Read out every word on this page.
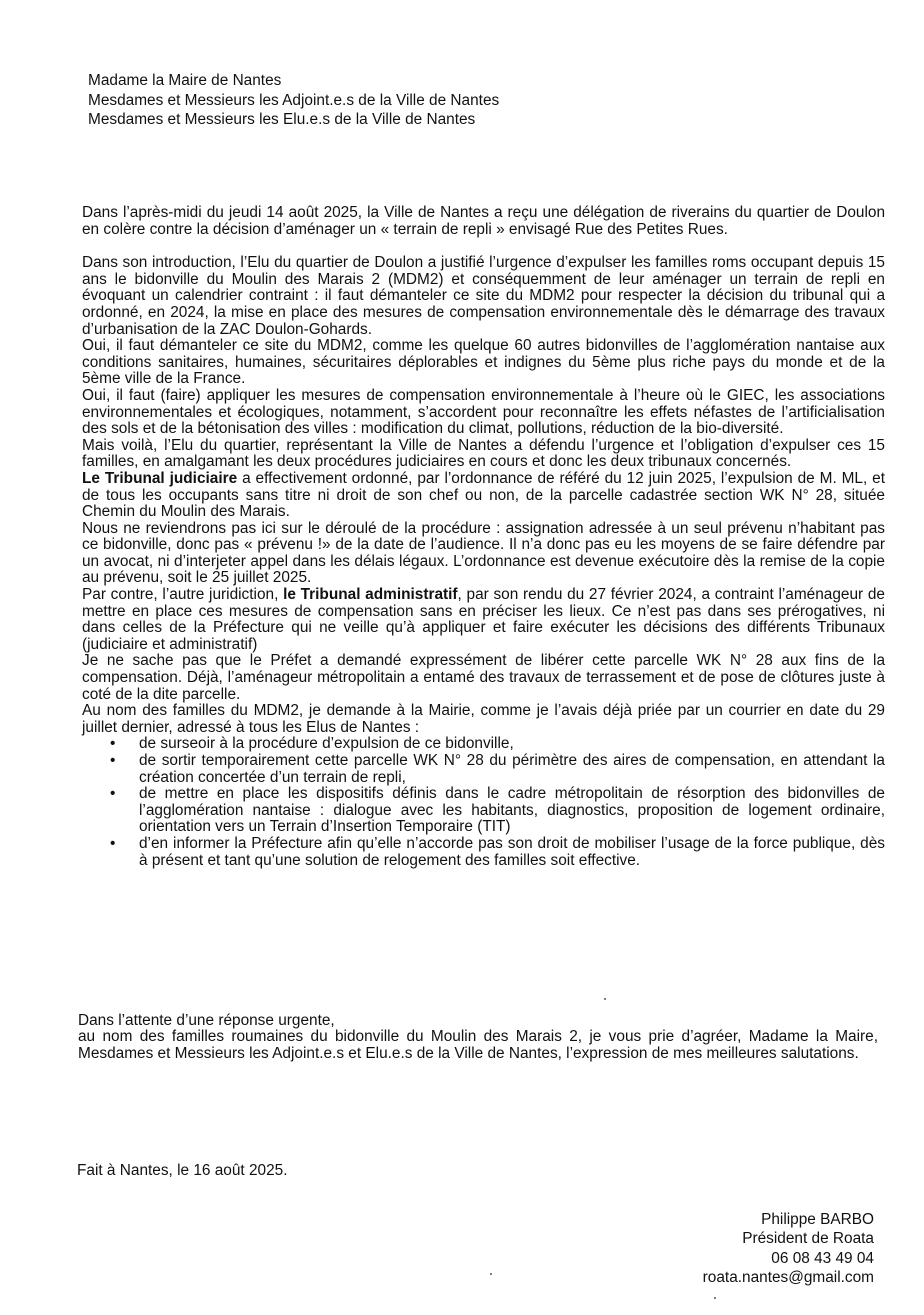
Madame la Maire de Nantes
Mesdames et Messieurs les Adjoint.e.s de la Ville de Nantes
Mesdames et Messieurs les Elu.e.s de la Ville de Nantes

Dans l’après-midi du jeudi 14 août 2025, la Ville de Nantes a reçu une délégation de riverains du quartier de Doulon en colère contre la décision d’aménager un « terrain de repli » envisagé Rue des Petites Rues.

Dans son introduction, l’Elu du quartier de Doulon a justifié l’urgence d’expulser les familles roms occupant depuis 15 ans le bidonville du Moulin des Marais 2 (MDM2) et conséquemment de leur aménager un terrain de repli en évoquant un calendrier contraint : il faut démanteler ce site du MDM2 pour respecter la décision du tribunal qui a ordonné, en 2024, la mise en place des mesures de compensation environnementale dès le démarrage des travaux d’urbanisation de la ZAC Doulon-Gohards.

Oui, il faut démanteler ce site du MDM2, comme les quelque 60 autres bidonvilles de l’agglomération nantaise aux conditions sanitaires, humaines, sécuritaires déplorables et indignes du 5ème plus riche pays du monde et de la 5ème ville de la France.

Oui, il faut (faire) appliquer les mesures de compensation environnementale à l’heure où le GIEC, les associations environnementales et écologiques, notamment, s’accordent pour reconnaître les effets néfastes de l’artificialisation des sols et de la bétonisation des villes : modification du climat, pollutions, réduction de la bio-diversité.

Mais voilà, l’Elu du quartier, représentant la Ville de Nantes a défendu l’urgence et l’obligation d’expulser ces 15 familles, en amalgamant les deux procédures judiciaires en cours et donc les deux tribunaux concernés.

Le Tribunal judiciaire a effectivement ordonné, par l’ordonnance de référé du 12 juin 2025, l’expulsion de M. ML, et de tous les occupants sans titre ni droit de son chef ou non, de la parcelle cadastrée section WK N° 28, située Chemin du Moulin des Marais.

Nous ne reviendrons pas ici sur le déroulé de la procédure : assignation adressée à un seul prévenu n’habitant pas ce bidonville, donc pas « prévenu !» de la date de l’audience. Il n’a donc pas eu les moyens de se faire défendre par un avocat, ni d’interjeter appel dans les délais légaux. L’ordonnance est devenue exécutoire dès la remise de la copie au prévenu, soit le 25 juillet 2025.

Par contre, l’autre juridiction, le Tribunal administratif, par son rendu du 27 février 2024, a contraint l’aménageur de mettre en place ces mesures de compensation sans en préciser les lieux. Ce n’est pas dans ses prérogatives, ni dans celles de la Préfecture qui ne veille qu’à appliquer et faire exécuter les décisions des différents Tribunaux (judiciaire et administratif)

Je ne sache pas que le Préfet a demandé expressément de libérer cette parcelle WK N° 28 aux fins de la compensation. Déjà, l’aménageur métropolitain a entamé des travaux de terrassement et de pose de clôtures juste à coté de la dite parcelle.

Au nom des familles du MDM2, je demande à la Mairie, comme je l’avais déjà priée par un courrier en date du 29 juillet dernier, adressé à tous les Elus de Nantes :

• de surseoir à la procédure d’expulsion de ce bidonville,
• de sortir temporairement cette parcelle WK N° 28 du périmètre des aires de compensation, en attendant la création concertée d’un terrain de repli,
• de mettre en place les dispositifs définis dans le cadre métropolitain de résorption des bidonvilles de l’agglomération nantaise : dialogue avec les habitants, diagnostics, proposition de logement ordinaire, orientation vers un Terrain d’Insertion Temporaire (TIT)
• d’en informer la Préfecture afin qu’elle n’accorde pas son droit de mobiliser l’usage de la force publique, dès à présent et tant qu’une solution de relogement des familles soit effective.

Dans l’attente d’une réponse urgente,

au nom des familles roumaines du bidonville du Moulin des Marais 2, je vous prie d’agréer, Madame la Maire, Mesdames et Messieurs les Adjoint.e.s et Elu.e.s de la Ville de Nantes, l’expression de mes meilleures salutations.

Fait à Nantes, le 16 août 2025.
Philippe BARBO
Président de Roata
06 08 43 49 04
roata.nantes@gmail.com
